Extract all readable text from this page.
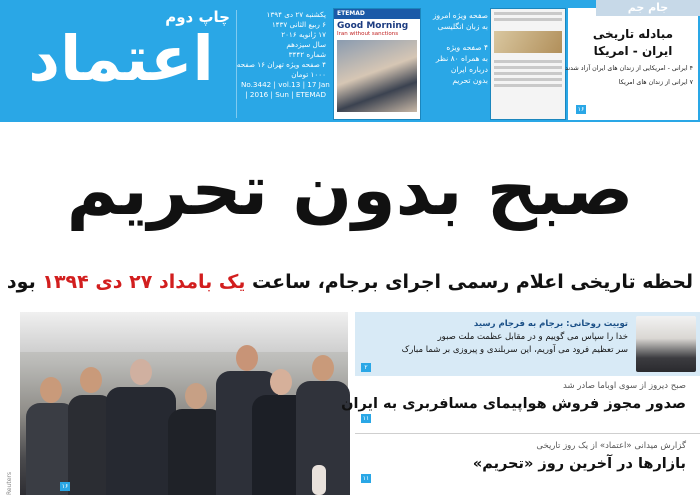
چاپ دوم
اعتماد
یکشنبه ۲۷ دی ۱۳۹۴
۶ ربیع الثانی ۱۴۳۷
۱۷ ژانویه ۲۰۱۶
سال سیزدهم
شماره ۳۴۴۲
۴ صفحه ویژه تهران ۱۶ صفحه
۱۰۰۰ تومان
No.3442 | vol.13 | 17 Jan
| 2016 | Sun | ETEMAD
ETEMAD
Good Morning
Iran without sanctions
صفحه ویژه امروز
به زبان انگلیسی
۴ صفحه ویژه
به همراه ۸۰ نظر
درباره ایران
بدون تحریم
مبادله تاریخی
ایران - امریکا
۴ ایرانی - امریکایی از زندان های ایران آزاد شدند
۷ ایرانی از زندان های امریکا
۱۶
جام جم
صبح بدون تحریم
لحظه تاریخی اعلام رسمی اجرای برجام، ساعت یک بامداد ۲۷ دی ۱۳۹۴ بود
Reuters	۱۶
توییت روحانی: برجام به فرجام رسید
خدا را سپاس می گوییم و در مقابل عظمت ملت صبور
سر تعظیم فرود می آوریم، این سربلندی و پیروزی بر شما مبارک
۲
صبح دیروز از سوی اوباما صادر شد
صدور مجوز فروش هواپیمای مسافربری به ایران
۱۱
گزارش میدانی «اعتماد» از یک روز تاریخی
بازارها در آخرین روز «تحریم»
۱۱
